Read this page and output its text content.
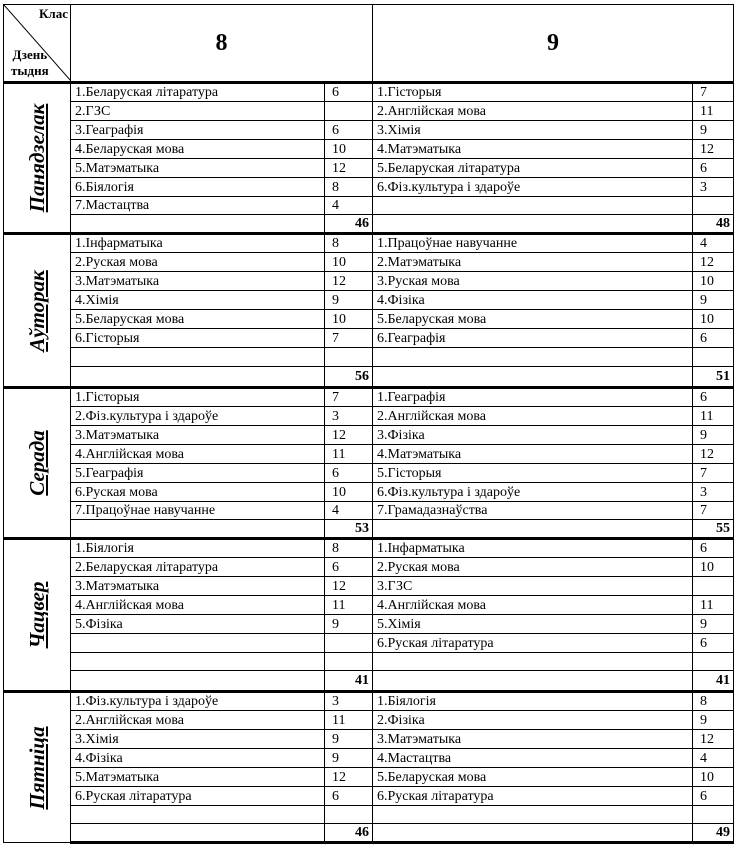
Клас
Дзень
тыдня	8		9	

Панядзелак	1.Беларуская літаратура	6	1.Гісторыя	7
	2.ГЗС		2.Англійская мова	11
	3.Геаграфія	6	3.Хімія	9
	4.Беларуская мова	10	4.Матэматыка	12
	5.Матэматыка	12	5.Беларуская літаратура	6
	6.Біялогія	8	6.Фіз.культура і здароўе	3
	7.Мастацтва	4		
		46		48

Аўторак	1.Інфарматыка	8	1.Працоўнае навучанне	4
	2.Руская мова	10	2.Матэматыка	12
	3.Матэматыка	12	3.Руская мова	10
	4.Хімія	9	4.Фізіка	9
	5.Беларуская мова	10	5.Беларуская мова	10
	6.Гісторыя	7	6.Геаграфія	6

		56		51

Серада	1.Гісторыя	7	1.Геаграфія	6
	2.Фіз.культура і здароўе	3	2.Англійская мова	11
	3.Матэматыка	12	3.Фізіка	9
	4.Англійская мова	11	4.Матэматыка	12
	5.Геаграфія	6	5.Гісторыя	7
	6.Руская мова	10	6.Фіз.культура і здароўе	3
	7.Працоўнае навучанне	4	7.Грамадазнаўства	7
		53		55

Чацвер	1.Біялогія	8	1.Інфарматыка	6
	2.Беларуская літаратура	6	2.Руская мова	10
	3.Матэматыка	12	3.ГЗС	
	4.Англійская мова	11	4.Англійская мова	11
	5.Фізіка	9	5.Хімія	9
			6.Руская літаратура	6

		41		41

Пятніца	1.Фіз.культура і здароўе	3	1.Біялогія	8
	2.Англійская мова	11	2.Фізіка	9
	3.Хімія	9	3.Матэматыка	12
	4.Фізіка	9	4.Мастацтва	4
	5.Матэматыка	12	5.Беларуская мова	10
	6.Руская літаратура	6	6.Руская літаратура	6

		46		49
